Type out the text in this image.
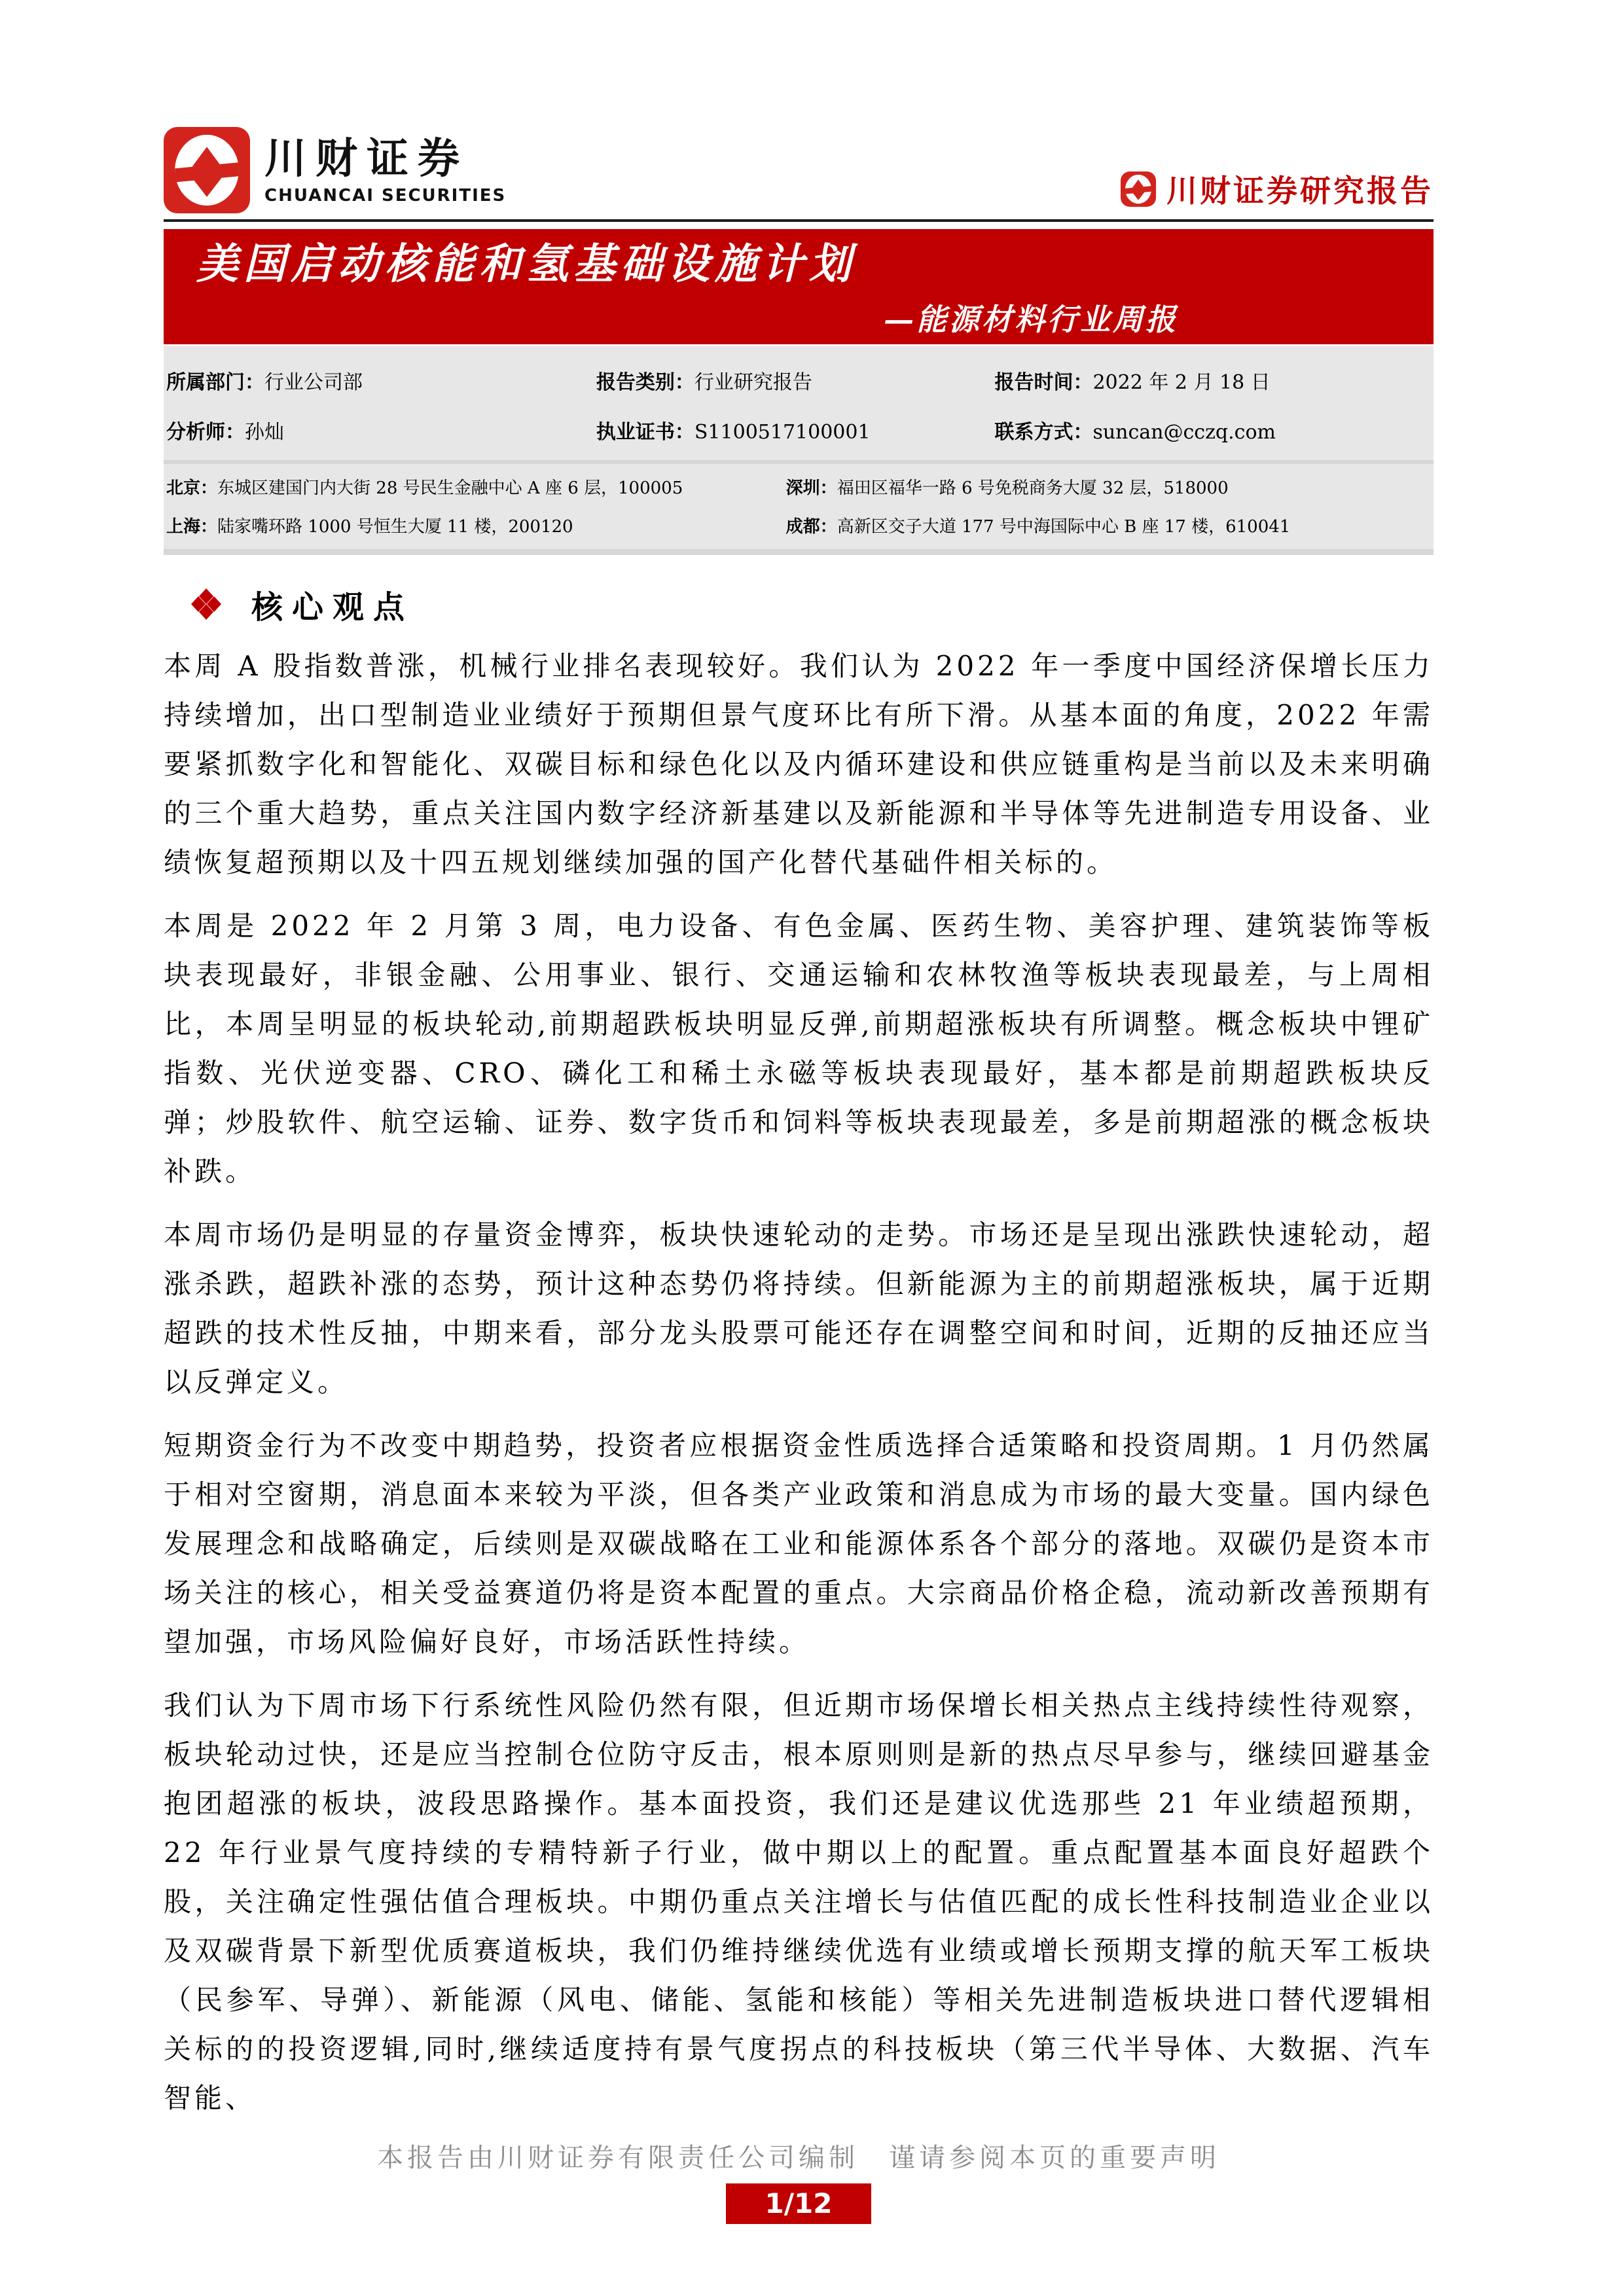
川财证券
CHUANCAI SECURITIES	川财证券研究报告
美国启动核能和氢基础设施计划
—能源材料行业周报
所属部门：行业公司部	报告类别：行业研究报告	报告时间：2022 年 2 月 18 日
分析师：孙灿	执业证书：S1100517100001	联系方式：suncan@cczq.com
北京：东城区建国门内大街 28 号民生金融中心 A 座 6 层，100005	深圳：福田区福华一路 6 号免税商务大厦 32 层，518000
上海：陆家嘴环路 1000 号恒生大厦 11 楼，200120	成都：高新区交子大道 177 号中海国际中心 B 座 17 楼，610041
核心观点

本周 A 股指数普涨，机械行业排名表现较好。我们认为 2022 年一季度中国经济保增长压力持续增加，出口型制造业业绩好于预期但景气度环比有所下滑。从基本面的角度，2022 年需要紧抓数字化和智能化、双碳目标和绿色化以及内循环建设和供应链重构是当前以及未来明确的三个重大趋势，重点关注国内数字经济新基建以及新能源和半导体等先进制造专用设备、业绩恢复超预期以及十四五规划继续加强的国产化替代基础件相关标的。

本周是 2022 年 2 月第 3 周，电力设备、有色金属、医药生物、美容护理、建筑装饰等板块表现最好，非银金融、公用事业、银行、交通运输和农林牧渔等板块表现最差，与上周相比，本周呈明显的板块轮动,前期超跌板块明显反弹,前期超涨板块有所调整。概念板块中锂矿指数、光伏逆变器、CRO、磷化工和稀土永磁等板块表现最好，基本都是前期超跌板块反弹；炒股软件、航空运输、证券、数字货币和饲料等板块表现最差，多是前期超涨的概念板块补跌。

本周市场仍是明显的存量资金博弈，板块快速轮动的走势。市场还是呈现出涨跌快速轮动，超涨杀跌，超跌补涨的态势，预计这种态势仍将持续。但新能源为主的前期超涨板块，属于近期超跌的技术性反抽，中期来看，部分龙头股票可能还存在调整空间和时间，近期的反抽还应当以反弹定义。

短期资金行为不改变中期趋势，投资者应根据资金性质选择合适策略和投资周期。1 月仍然属于相对空窗期，消息面本来较为平淡，但各类产业政策和消息成为市场的最大变量。国内绿色发展理念和战略确定，后续则是双碳战略在工业和能源体系各个部分的落地。双碳仍是资本市场关注的核心，相关受益赛道仍将是资本配置的重点。大宗商品价格企稳，流动新改善预期有望加强，市场风险偏好良好，市场活跃性持续。

我们认为下周市场下行系统性风险仍然有限，但近期市场保增长相关热点主线持续性待观察，板块轮动过快，还是应当控制仓位防守反击，根本原则则是新的热点尽早参与，继续回避基金抱团超涨的板块，波段思路操作。基本面投资，我们还是建议优选那些 21 年业绩超预期，22 年行业景气度持续的专精特新子行业，做中期以上的配置。重点配置基本面良好超跌个股，关注确定性强估值合理板块。中期仍重点关注增长与估值匹配的成长性科技制造业企业以及双碳背景下新型优质赛道板块，我们仍维持继续优选有业绩或增长预期支撑的航天军工板块（民参军、导弹）、新能源（风电、储能、氢能和核能）等相关先进制造板块进口替代逻辑相关标的的投资逻辑,同时,继续适度持有景气度拐点的科技板块（第三代半导体、大数据、汽车智能、

本报告由川财证券有限责任公司编制　谨请参阅本页的重要声明
1/12
